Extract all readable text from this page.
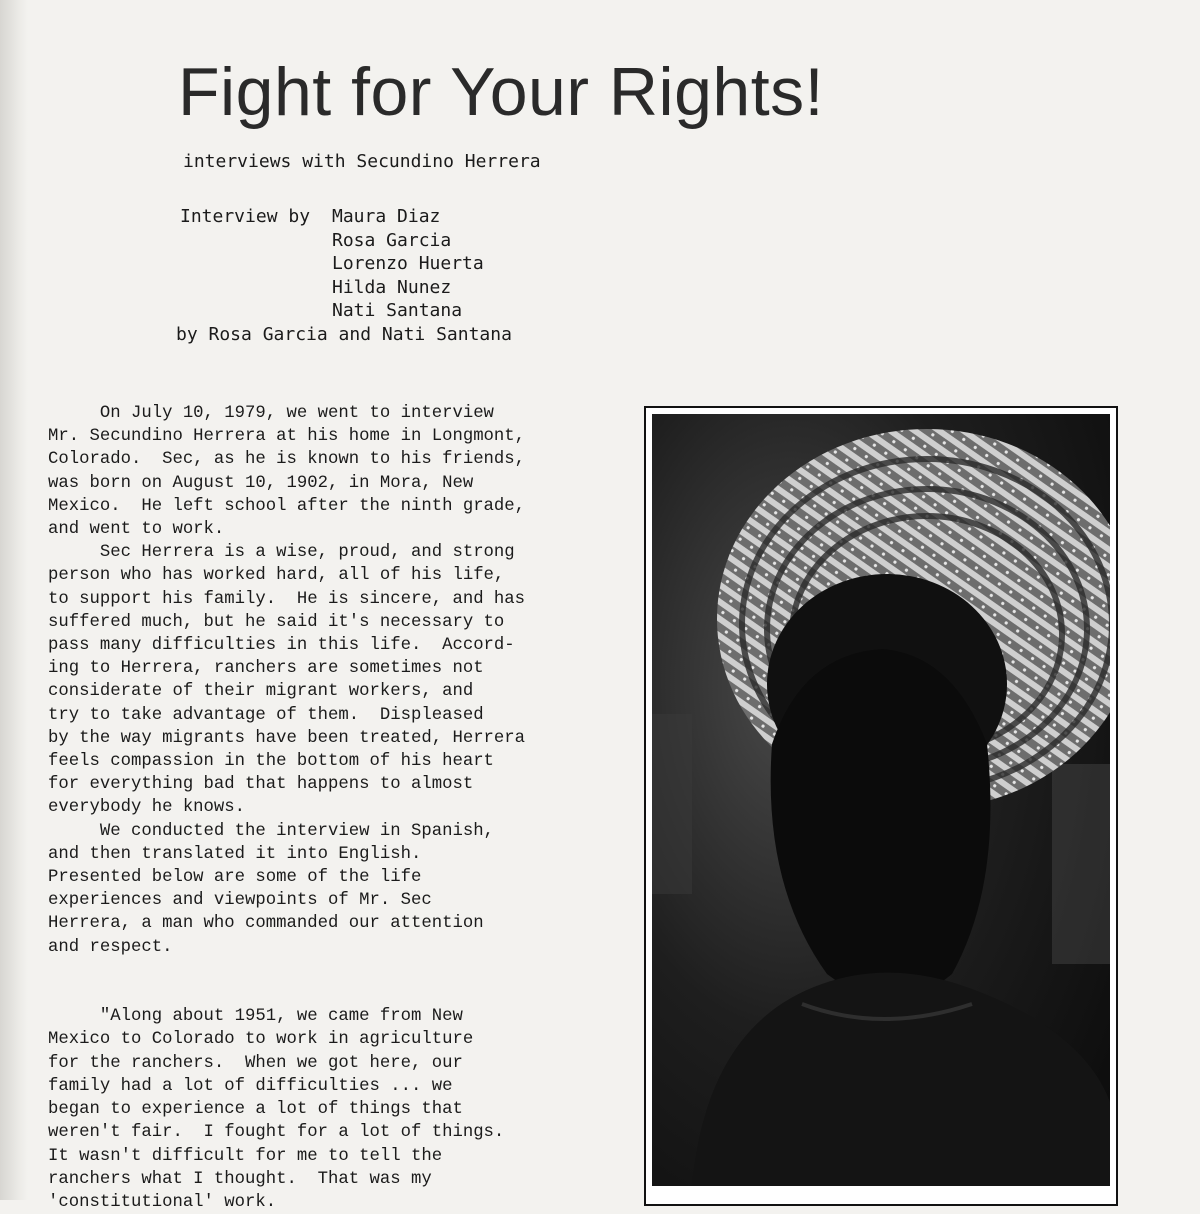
Fight for Your Rights!

interviews with Secundino Herrera

Interview by Maura Diaz
Rosa Garcia
Lorenzo Huerta
Hilda Nunez
Nati Santana
by Rosa Garcia and Nati Santana
On July 10, 1979, we went to interview
Mr. Secundino Herrera at his home in Longmont,
Colorado.  Sec, as he is known to his friends,
was born on August 10, 1902, in Mora, New
Mexico.  He left school after the ninth grade,
and went to work.
Sec Herrera is a wise, proud, and strong
person who has worked hard, all of his life,
to support his family.  He is sincere, and has
suffered much, but he said it's necessary to
pass many difficulties in this life.  Accord-
ing to Herrera, ranchers are sometimes not
considerate of their migrant workers, and
try to take advantage of them.  Displeased
by the way migrants have been treated, Herrera
feels compassion in the bottom of his heart
for everything bad that happens to almost
everybody he knows.
We conducted the interview in Spanish,
and then translated it into English.
Presented below are some of the life
experiences and viewpoints of Mr. Sec
Herrera, a man who commanded our attention
and respect.

"Along about 1951, we came from New
Mexico to Colorado to work in agriculture
for the ranchers.  When we got here, our
family had a lot of difficulties ... we
began to experience a lot of things that
weren't fair.  I fought for a lot of things.
It wasn't difficult for me to tell the
ranchers what I thought.  That was my
'constitutional' work.
